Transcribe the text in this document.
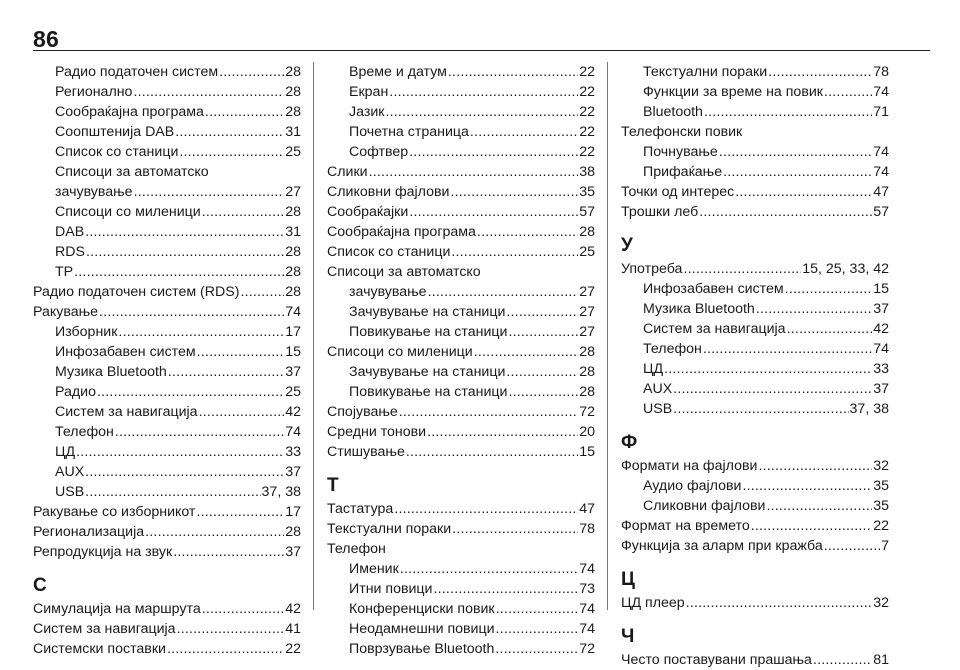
86
Радио податочен систем .....	28
Регионално .....	28
Сообраќајна програма .....	28
Соопштенија DAB .....	31
Список со станици .....	25
Списоци за автоматско
зачувување .....	27
Списоци со миленици .....	28
DAB .....	31
RDS .....	28
TP .....	28
Радио податочен систем (RDS) .....	28
Ракување .....	74
Изборник .....	17
Инфозабавен систем .....	15
Музика Bluetooth .....	37
Радио .....	25
Систем за навигација .....	42
Телефон .....	74
ЦД .....	33
AUX .....	37
USB .....	37, 38
Ракување со изборникот .....	17
Регионализација .....	28
Репродукција на звук .....	37
С
Симулација на маршрута .....	42
Систем за навигација .....	41
Системски поставки .....	22
Време и датум .....	22
Екран .....	22
Јазик .....	22
Почетна страница .....	22
Софтвер .....	22
Слики .....	38
Сликовни фајлови .....	35
Сообраќајки .....	57
Сообраќајна програма .....	28
Список со станици .....	25
Списоци за автоматско
зачувување .....	27
Зачувување на станици .....	27
Повикување на станици .....	27
Списоци со миленици .....	28
Зачувување на станици .....	28
Повикување на станици .....	28
Спојување .....	72
Средни тонови .....	20
Стишување .....	15
Т
Тастатура .....	47
Текстуални пораки .....	78
Телефон
Именик .....	74
Итни повици .....	73
Конференциски повик .....	74
Неодамнешни повици .....	74
Поврзување Bluetooth .....	72
Текстуални пораки .....	78
Функции за време на повик .....	74
Bluetooth .....	71
Телефонски повик
Почнување .....	74
Прифаќање .....	74
Точки од интерес .....	47
Трошки леб .....	57
У
Употреба .....	15, 25, 33, 42
Инфозабавен систем .....	15
Музика Bluetooth .....	37
Систем за навигација .....	42
Телефон .....	74
ЦД .....	33
AUX .....	37
USB .....	37, 38
Ф
Формати на фајлови .....	32
Аудио фајлови .....	35
Сликовни фајлови .....	35
Формат на времето .....	22
Функција за аларм при кражба .....	7
Ц
ЦД плеер .....	32
Ч
Често поставувани прашања .....	81
